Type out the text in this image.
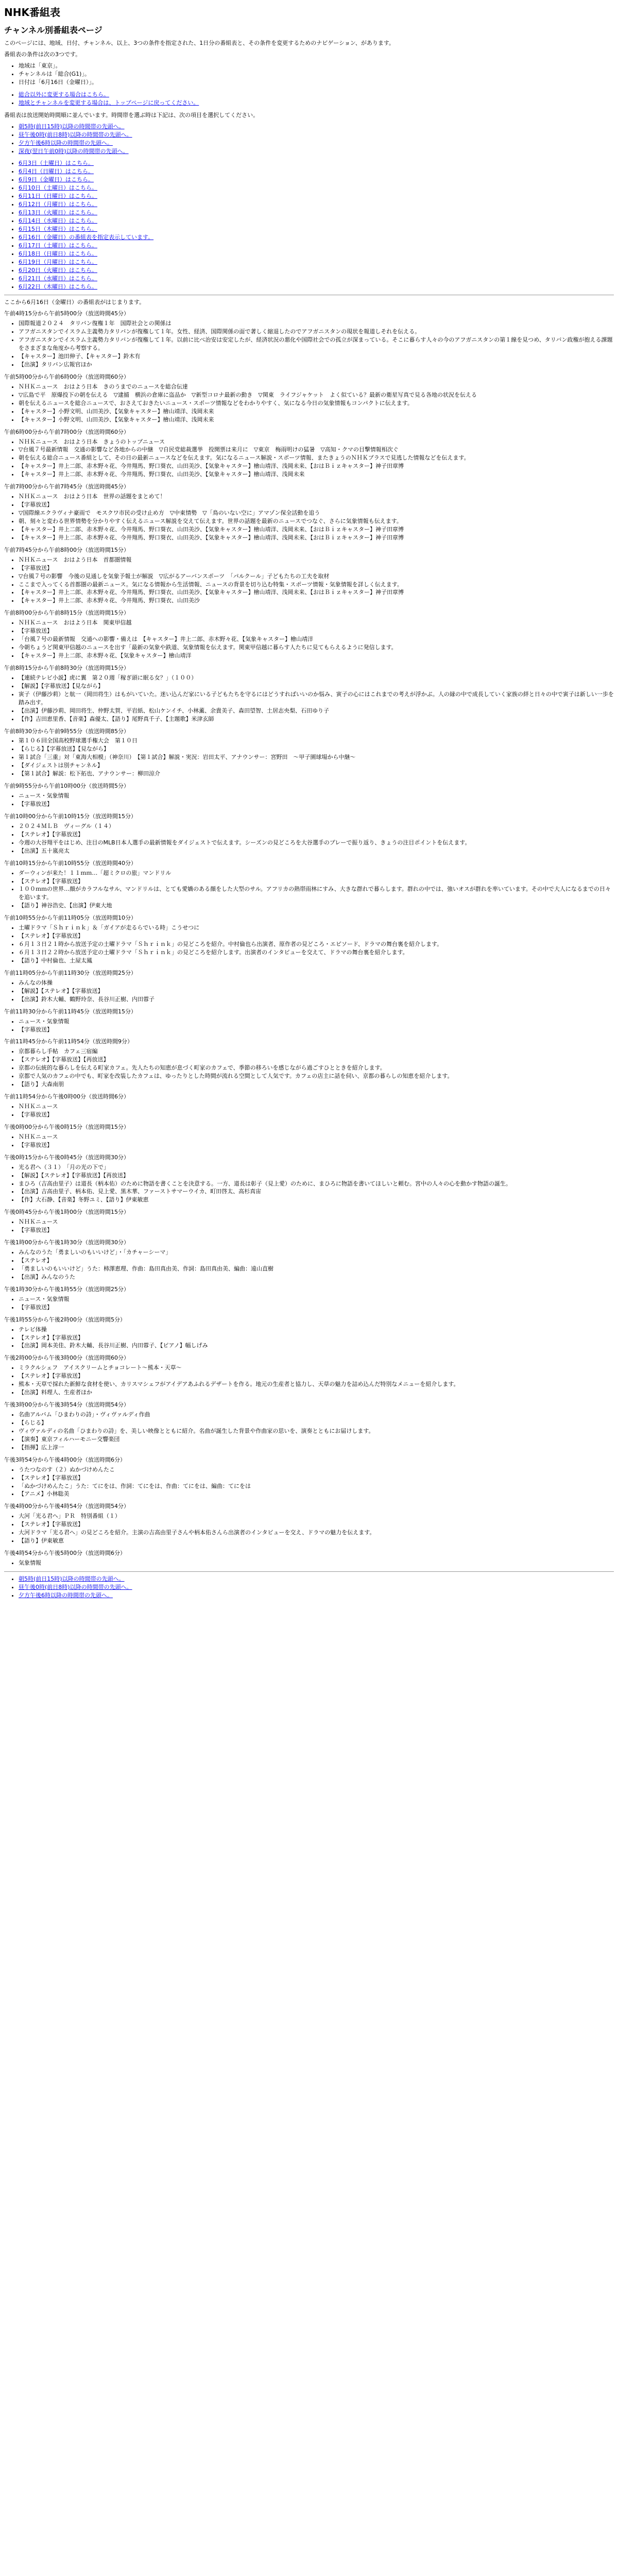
NHK番組表
チャンネル別番組表ページ

このページには、地域、日付、チャンネル、以上、3つの条件を指定された、1日分の番組表と、その条件を変更するためのナビゲーション、があります。

番組表の条件は次の3つです。

• 地域は「東京」。
• チャンネルは「総合(G1)」。
• 日付は「6月16日（金曜日）」。
• 総合以外に変更する場合はこちら。
• 地域とチャンネルを変更する場合は、トップページに戻ってください。

番組表は放送開始時間順に並んでいます。時間帯を選ぶ時は下記は、次の項目を選択してください。

• 朝5時(前日15時)以降の時間帯の先頭へ。
• 昼午後0時(前日8時)以降の時間帯の先頭へ。
• 夕方午後6時以降の時間帯の先頭へ。
• 深夜(翌日午前0時)以降の時間帯の先頭へ。
• 6月3日（土曜日）はこちら。
• 6月4日（日曜日）はこちら。
• 6月9日（金曜日）はこちら。
• 6月10日（土曜日）はこちら。
• 6月11日（日曜日）はこちら。
• 6月12日（月曜日）はこちら。
• 6月13日（火曜日）はこちら。
• 6月14日（水曜日）はこちら。
• 6月15日（木曜日）はこちら。
• 6月16日（金曜日）の番組表を指定表示しています。
• 6月17日（土曜日）はこちら。
• 6月18日（日曜日）はこちら。
• 6月19日（月曜日）はこちら。
• 6月20日（火曜日）はこちら。
• 6月21日（水曜日）はこちら。
• 6月22日（木曜日）はこちら。

ここから6月16日（金曜日）の番組表がはじまります。

午前4時15分から午前5時00分（放送時間45分）
• 国際報道２０２４　タリバン復権１年　国際社会との関係は
• アフガニスタンでイスラム主義勢力タリバンが復権して１年。女性、経済、国際関係の面で著しく縮退したのでアフガニスタンの現状を報道しそれを伝える。
• アフガニスタンでイスラム主義勢力タリバンが復権して１年。以前に比べ治安は安定したが、経済状況の悪化や国際社会での孤立が深まっている。そこに暮らす人々の今のアフガニスタンの第１線を見つめ、タリバン政権が抱える課題をさまざまな角度から考察する。
• 【キャスター】池田伸子、【キャスター】鈴木有
• 【出演】タリバン広報官ほか
午前5時00分から午前6時00分（放送時間60分）
• ＮＨＫニュース　おはよう日本　きのうまでのニュースを総合伝達
• ▽広島で平　原爆投下の朝を伝える　▽逮捕　横浜の倉庫に盗品か　▽新型コロナ最新の動き　▽関東　ライフジャケット　よく似ている？最新の衛星写真で見る各地の状況を伝える
• 朝を伝えるニュースを総合ニュースで、おさえておきたいニュース・スポーツ情報などをわかりやすく、気になる今日の気象情報もコンパクトに伝えます。
• 【キャスター】小野文明、山田美沙、【気象キャスター】檜山靖洋、浅岡未来
• 【キャスター】小野文明、山田美沙、【気象キャスター】檜山靖洋、浅岡未来
午前6時00分から午前7時00分（放送時間60分）
• ＮＨＫニュース　おはよう日本　きょうのトップニュース
• ▽台風７号最新情報　交通の影響など各地からの中継　▽自民党総裁選挙　投開票は来月に　▽東京　梅雨明けの猛暑　▽高知・クマの目撃情報相次ぐ
• 朝を伝える総合ニュース番組として、その日の最新ニュースなどを伝えます。気になるニュース解説・スポーツ情報、またきょうのＮＨＫプラスで見逃した情報などを伝えます。
• 【キャスター】井上二郎、赤木野々花、今井翔馬、野口葵衣、山田美沙、【気象キャスター】檜山靖洋、浅岡未来、【おはＢｉｚキャスター】神子田章博
• 【キャスター】井上二郎、赤木野々花、今井翔馬、野口葵衣、山田美沙、【気象キャスター】檜山靖洋、浅岡未来
午前7時00分から午前7時45分（放送時間45分）
• ＮＨＫニュース　おはよう日本　世界の話題をまとめて！
• 【字幕放送】
• ▽国際線エクラヴィナ豪雨で　モスクワ市民の受け止め方　▽中東情勢　▽「鳥のいない空に」アマゾン保全活動を追う
• 朝、刻々と変わる世界情勢を分かりやすく伝えるニュース解説を交えて伝えます。世界の話題を最新のニュースでつなぐ、さらに気象情報も伝えます。
• 【キャスター】井上二郎、赤木野々花、今井翔馬、野口葵衣、山田美沙、【気象キャスター】檜山靖洋、浅岡未来、【おはＢｉｚキャスター】神子田章博
• 【キャスター】井上二郎、赤木野々花、今井翔馬、野口葵衣、山田美沙、【気象キャスター】檜山靖洋、浅岡未来、【おはＢｉｚキャスター】神子田章博
午前7時45分から午前8時00分（放送時間15分）
• ＮＨＫニュース　おはよう日本　首都圏情報
• 【字幕放送】
• ▽台風７号の影響　今後の見通しを気象予報士が解説　▽広がるアーバンスポーツ　「パルクール」子どもたちの工夫を取材
• ここまで入ってくる首都圏の最新ニュース。気になる情報から生活情報、ニュースの背景を切り込む特集・スポーツ情報・気象情報を詳しく伝えます。
• 【キャスター】井上二郎、赤木野々花、今井翔馬、野口葵衣、山田美沙、【気象キャスター】檜山靖洋、浅岡未来、【おはＢｉｚキャスター】神子田章博
• 【キャスター】井上二郎、赤木野々花、今井翔馬、野口葵衣、山田美沙
午前8時00分から午前8時15分（放送時間15分）
• ＮＨＫニュース　おはよう日本　関東甲信越
• 【字幕放送】
• 「台風７号の最新情報　交通への影響・備えは　【キャスター】井上二郎、赤木野々花、【気象キャスター】檜山靖洋
• 今朝ちょうど関東甲信越のニュースを出す「最新の気象や鉄道、気象情報を伝えます。関東甲信越に暮らす人たちに見てもらえるように発信します。
• 【キャスター】井上二郎、赤木野々花、【気象キャスター】檜山靖洋
午前8時15分から午前8時30分（放送時間15分）
• 【連続テレビ小説】虎に翼　第２０週「稼ぎ頭に眠る女？」（１００）
• 【解説】【字幕放送】【見ながら】
• 寅子（伊藤沙莉）と航一（岡田将生）はもがいていた。迷い込んだ家にいる子どもたちを守るにはどうすればいいのか悩み、寅子の心にはこれまでの考えが浮かぶ。人の縁の中で成長していく家族の絆と日々の中で寅子は新しい一歩を踏み出す。
• 【出演】伊藤沙莉、岡田将生、仲野太賀、平岩紙、松山ケンイチ、小林薫、余貴美子、森田望智、土居志央梨、石田ゆり子
• 【作】吉田恵里香、【音楽】森優太、【語り】尾野真千子、【主題歌】米津玄師
午前8時30分から午前9時55分（放送時間85分）
• 第１０６回全国高校野球選手権大会　第１０日
• 【らじる】【字幕放送】【見ながら】
• 第１試合「三重」対「東海大相模」（神奈川）　【第１試合】解説・実況：岩田太平、アナウンサー：宮野田　〜甲子園球場から中継〜
• 【ダイジェストは別チャンネル】
• 【第１試合】解説：松下拓也、アナウンサー：柳田涼介
午前9時55分から午前10時00分（放送時間5分）
• ニュース・気象情報
• 【字幕放送】
午前10時00分から午前10時15分（放送時間15分）
• ２０２４ＭＬＢ　ヴィーグル（１４）
• 【ステレオ】【字幕放送】
• 今週の大谷翔平をはじめ、注目のMLB日本人選手の最新情報をダイジェストで伝えます。シーズンの見どころを大谷選手のプレーで振り返り、きょうの注目ポイントを伝えます。
• 【出演】五十嵐亮太
午前10時15分から午前10時55分（放送時間40分）
• ダーウィンが来た！１１ｍｍ…「超ミクロの旅」マンドリル
• 【ステレオ】【字幕放送】
• １００ｍｍの世界…顔がカラフルなサル、マンドリルは、とても愛嬌のある顔をした大型のサル。アフリカの熱帯雨林にすみ、大きな群れで暮らします。群れの中では、強いオスが群れを率いています。その中で大人になるまでの日々を追います。
• 【語り】神谷浩史、【出演】伊東大地
午前10時55分から午前11時05分（放送時間10分）
• 土曜ドラマ「Ｓｈｒｉｎｋ」＆「ガイアが走るらでいる時」こうせつに
• 【ステレオ】【字幕放送】
• ６月１３日２１時から放送予定の土曜ドラマ「Ｓｈｒｉｎｋ」の見どころを紹介。中村倫也ら出演者、原作者の見どころ・エピソード、ドラマの舞台裏を紹介します。
• ６月１３日２２時から放送予定の土曜ドラマ「Ｓｈｒｉｎｋ」の見どころを紹介します。出演者のインタビューを交えて、ドラマの舞台裏を紹介します。
• 【語り】中村倫也、土屋太鳳
午前11時05分から午前11時30分（放送時間25分）
• みんなの体操
• 【解説】【ステレオ】【字幕放送】
• 【出演】鈴木大輔、鶴野玲奈、長谷川正樹、内田蓉子
午前11時30分から午前11時45分（放送時間15分）
• ニュース・気象情報
• 【字幕放送】
午前11時45分から午前11時54分（放送時間9分）
• 京都暮らし手帖　カフェ三宿編
• 【ステレオ】【字幕放送】【再放送】
• 京都の伝統的な暮らしを伝える町家カフェ。先人たちの知恵が息づく町家のカフェで、季節の移ろいを感じながら過ごすひとときを紹介します。
• 京都で人気のカフェの中でも、町家を改装したカフェは、ゆったりとした時間が流れる空間として人気です。カフェの店主に話を伺い、京都の暮らしの知恵を紹介します。
• 【語り】大森南朋
午前11時54分から午後0時00分（放送時間6分）
• ＮＨＫニュース
• 【字幕放送】
午後0時00分から午後0時15分（放送時間15分）
• ＮＨＫニュース
• 【字幕放送】
午後0時15分から午後0時45分（放送時間30分）
• 光る君へ（３１）　「月の光の下で」
• 【解説】【ステレオ】【字幕放送】【再放送】
• まひろ（吉高由里子）は道長（柄本佑）のために物語を書くことを決意する。一方、道長は彰子（見上愛）のために、まひろに物語を書いてほしいと頼む。宮中の人々の心を動かす物語の誕生。
• 【出演】吉高由里子、柄本佑、見上愛、黒木華、ファーストサマーウイカ、町田啓太、高杉真宙
• 【作】大石静、【音楽】冬野ユミ、【語り】伊東敏恵
午後0時45分から午後1時00分（放送時間15分）
• ＮＨＫニュース
• 【字幕放送】
午後1時00分から午後1時30分（放送時間30分）
• みんなのうた「勇ましいのもいいけど」・「カチャーシーマ」
• 【ステレオ】
• 「勇ましいのもいいけど」うた：柿澤恵理、作曲：島田真由美、作詞：島田真由美、編曲：遠山直樹
• 【出演】みんなのうた
午後1時30分から午後1時55分（放送時間25分）
• ニュース・気象情報
• 【字幕放送】
午後1時55分から午後2時00分（放送時間5分）
• テレビ体操
• 【ステレオ】【字幕放送】
• 【出演】岡本美佳、鈴木大輔、長谷川正樹、内田蓉子、【ピアノ】幅しげみ
午後2時00分から午後3時00分（放送時間60分）
• ミラクルシェフ　アイスクリームとチョコレート〜熊本・天草〜
• 【ステレオ】【字幕放送】
• 熊本・天草で採れた新鮮な食材を使い、カリスマシェフがアイデアあふれるデザートを作る。地元の生産者と協力し、天草の魅力を詰め込んだ特別なメニューを紹介します。
• 【出演】料理人、生産者ほか
午後3時00分から午後3時54分（放送時間54分）
• 名曲アルバム「ひまわりの詩」・ヴィヴァルディ作曲
• 【らじる】
• ヴィヴァルディの名曲「ひまわりの詩」を、美しい映像とともに紹介。名曲が誕生した背景や作曲家の思いを、演奏とともにお届けします。
• 【演奏】東京フィルハーモニー交響楽団
• 【指揮】広上淳一
午後3時54分から午後4時00分（放送時間6分）
• うたつなのす（２）ぬかづけめんたこ
• 【ステレオ】【字幕放送】
• 「ぬかづけめんたこ」うた：てにをは、作詞：てにをは、作曲：てにをは、編曲：てにをは
• 【アニメ】小林聡美
午後4時00分から午後4時54分（放送時間54分）
• 大河「光る君へ」ＰＲ　特別番組（１）
• 【ステレオ】【字幕放送】
• 大河ドラマ「光る君へ」の見どころを紹介。主演の吉高由里子さんや柄本佑さんら出演者のインタビューを交え、ドラマの魅力を伝えます。
• 【語り】伊東敏恵
午後4時54分から午後5時00分（放送時間6分）
• 気象情報
• 朝5時(前日15時)以降の時間帯の先頭へ。
• 昼午後0時(前日8時)以降の時間帯の先頭へ。
• 夕方午後6時以降の時間帯の先頭へ。
